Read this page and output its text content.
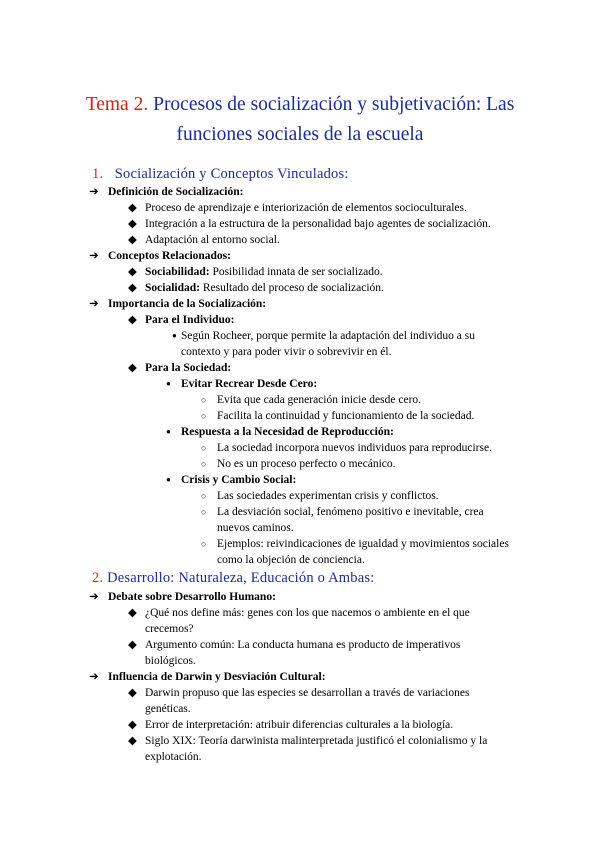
Tema 2. Procesos de socialización y subjetivación: Las
funciones sociales de la escuela
1. Socialización y Conceptos Vinculados:
➔ Definición de Socialización:
◆ Proceso de aprendizaje e interiorización de elementos socioculturales.
◆ Integración a la estructura de la personalidad bajo agentes de socialización.
◆ Adaptación al entorno social.
➔ Conceptos Relacionados:
◆ Sociabilidad: Posibilidad innata de ser socializado.
◆ Socialidad: Resultado del proceso de socialización.
➔ Importancia de la Socialización:
◆ Para el Individuo:
● Según Rocheer, porque permite la adaptación del individuo a su
contexto y para poder vivir o sobrevivir en él.
◆ Para la Sociedad:
● Evitar Recrear Desde Cero:
○ Evita que cada generación inicie desde cero.
○ Facilita la continuidad y funcionamiento de la sociedad.
● Respuesta a la Necesidad de Reproducción:
○ La sociedad incorpora nuevos individuos para reproducirse.
○ No es un proceso perfecto o mecánico.
● Crisis y Cambio Social:
○ Las sociedades experimentan crisis y conflictos.
○ La desviación social, fenómeno positivo e inevitable, crea
nuevos caminos.
○ Ejemplos: reivindicaciones de igualdad y movimientos sociales
como la objeción de conciencia.
2. Desarrollo: Naturaleza, Educación o Ambas:
➔ Debate sobre Desarrollo Humano:
◆ ¿Qué nos define más: genes con los que nacemos o ambiente en el que
crecemos?
◆ Argumento común: La conducta humana es producto de imperativos
biológicos.
➔ Influencia de Darwin y Desviación Cultural:
◆ Darwin propuso que las especies se desarrollan a través de variaciones
genéticas.
◆ Error de interpretación: atribuir diferencias culturales a la biología.
◆ Siglo XIX: Teoría darwinista malinterpretada justificó el colonialismo y la
explotación.
